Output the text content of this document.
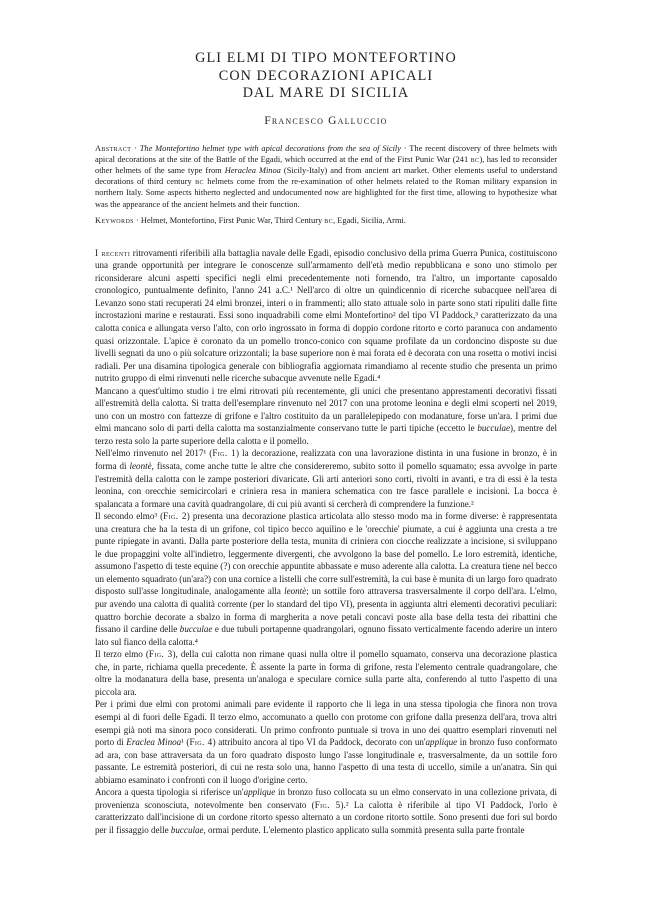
GLI ELMI DI TIPO MONTEFORTINO
CON DECORAZIONI APICALI
DAL MARE DI SICILIA
Francesco Galluccio
Abstract · The Montefortino helmet type with apical decorations from the sea of Sicily · The recent discovery of three helmets with apical decorations at the site of the Battle of the Egadi, which occurred at the end of the First Punic War (241 bc), has led to reconsider other helmets of the same type from Heraclea Minoa (Sicily-Italy) and from ancient art market. Other elements useful to understand decorations of third century bc helmets come from the re-examination of other helmets related to the Roman military expansion in northern Italy. Some aspects hitherto neglected and undocumented now are highlighted for the first time, allowing to hypothesize what was the appearance of the ancient helmets and their function.
Keywords · Helmet, Montefortino, First Punic War, Third Century bc, Egadi, Sicilia, Armi.

I recenti ritrovamenti riferibili alla battaglia navale delle Egadi, episodio conclusivo della prima Guerra Punica, costituiscono una grande opportunità per integrare le conoscenze sull'armamento dell'età medio repubblicana e sono uno stimolo per riconsiderare alcuni aspetti specifici negli elmi precedentemente noti fornendo, tra l'altro, un importante caposaldo cronologico, puntualmente definito, l'anno 241 a.C.¹ Nell'arco di oltre un quindicennio di ricerche subacquee nell'area di Levanzo sono stati recuperati 24 elmi bronzei, interi o in frammenti; allo stato attuale solo in parte sono stati ripuliti dalle fitte incrostazioni marine e restaurati. Essi sono inquadrabili come elmi Montefortino² del tipo VI Paddock,³ caratterizzato da una calotta conica e allungata verso l'alto, con orlo ingrossato in forma di doppio cordone ritorto e corto paranuca con andamento quasi orizzontale. L'apice è coronato da un pomello tronco-conico con squame profilate da un cordoncino disposte su due livelli segnati da uno o più solcature orizzontali; la base superiore non è mai forata ed è decorata con una rosetta o motivi incisi radiali. Per una disamina tipologica generale con bibliografia aggiornata rimandiamo al recente studio che presenta un primo nutrito gruppo di elmi rinvenuti nelle ricerche subacque avvenute nelle Egadi.⁴

Mancano a quest'ultimo studio i tre elmi ritrovati più recentemente, gli unici che presentano apprestamenti decorativi fissati all'estremità della calotta. Si tratta dell'esemplare rinvenuto nel 2017 con una protome leonina e degli elmi scoperti nel 2019, uno con un mostro con fattezze di grifone e l'altro costituito da un parallelepipedo con modanature, forse un'ara. I primi due elmi mancano solo di parti della calotta ma sostanzialmente conservano tutte le parti tipiche (eccetto le bucculae), mentre del terzo resta solo la parte superiore della calotta e il pomello.

Nell'elmo rinvenuto nel 2017¹ (Fig. 1) la decorazione, realizzata con una lavorazione distinta in una fusione in bronzo, è in forma di leontè, fissata, come anche tutte le altre che considereremo, subito sotto il pomello squamato; essa avvolge in parte l'estremità della calotta con le zampe posteriori divaricate. Gli arti anteriori sono corti, rivolti in avanti, e tra di essi è la testa leonina, con orecchie semicircolari e criniera resa in maniera schematica con tre fasce parallele e incisioni. La bocca è spalancata a formare una cavità quadrangolare, di cui più avanti si cercherà di comprendere la funzione.²

Il secondo elmo³ (Fig. 2) presenta una decorazione plastica articolata allo stesso modo ma in forme diverse: è rappresentata una creatura che ha la testa di un grifone, col tipico becco aquilino e le 'orecchie' piumate, a cui è aggiunta una cresta a tre punte ripiegate in avanti. Dalla parte posteriore della testa, munita di criniera con ciocche realizzate a incisione, si sviluppano le due propaggini volte all'indietro, leggermente divergenti, che avvolgono la base del pomello. Le loro estremità, identiche, assumono l'aspetto di teste equine (?) con orecchie appuntite abbassate e muso aderente alla calotta. La creatura tiene nel becco un elemento squadrato (un'ara?) con una cornice a listelli che corre sull'estremità, la cui base è munita di un largo foro quadrato disposto sull'asse longitudinale, analogamente alla leontè; un sottile foro attraversa trasversalmente il corpo dell'ara. L'elmo, pur avendo una calotta di qualità corrente (per lo standard del tipo VI), presenta in aggiunta altri elementi decorativi peculiari: quattro borchie decorate a sbalzo in forma di margherita a nove petali concavi poste alla base della testa dei ribattini che fissano il cardine delle bucculae e due tubuli portapenne quadrangolari, ognuno fissato verticalmente facendo aderire un intero lato sul fianco della calotta.⁴

Il terzo elmo (Fig. 3), della cui calotta non rimane quasi nulla oltre il pomello squamato, conserva una decorazione plastica che, in parte, richiama quella precedente. È assente la parte in forma di grifone, resta l'elemento centrale quadrangolare, che oltre la modanatura della base, presenta un'analoga e speculare cornice sulla parte alta, conferendo al tutto l'aspetto di una piccola ara.

Per i primi due elmi con protomi animali pare evidente il rapporto che li lega in una stessa tipologia che finora non trova esempi al di fuori delle Egadi. Il terzo elmo, accomunato a quello con protome con grifone dalla presenza dell'ara, trova altri esempi già noti ma sinora poco considerati. Un primo confronto puntuale si trova in uno dei quattro esemplari rinvenuti nel porto di Eraclea Minoa¹ (Fig. 4) attribuito ancora al tipo VI da Paddock, decorato con un'applique in bronzo fuso conformato ad ara, con base attraversata da un foro quadrato disposto lungo l'asse longitudinale e, trasversalmente, da un sottile foro passante. Le estremità posteriori, di cui ne resta solo una, hanno l'aspetto di una testa di uccello, simile a un'anatra. Sin qui abbiamo esaminato i confronti con il luogo d'origine certo.

Ancora a questa tipologia si riferisce un'applique in bronzo fuso collocata su un elmo conservato in una collezione privata, di provenienza sconosciuta, notevolmente ben conservato (Fig. 5).² La calotta è riferibile al tipo VI Paddock, l'orlo è caratterizzato dall'incisione di un cordone ritorto spesso alternato a un cordone ritorto sottile. Sono presenti due fori sul bordo per il fissaggio delle bucculae, ormai perdute. L'elemento plastico applicato sulla sommità presenta sulla parte frontale
